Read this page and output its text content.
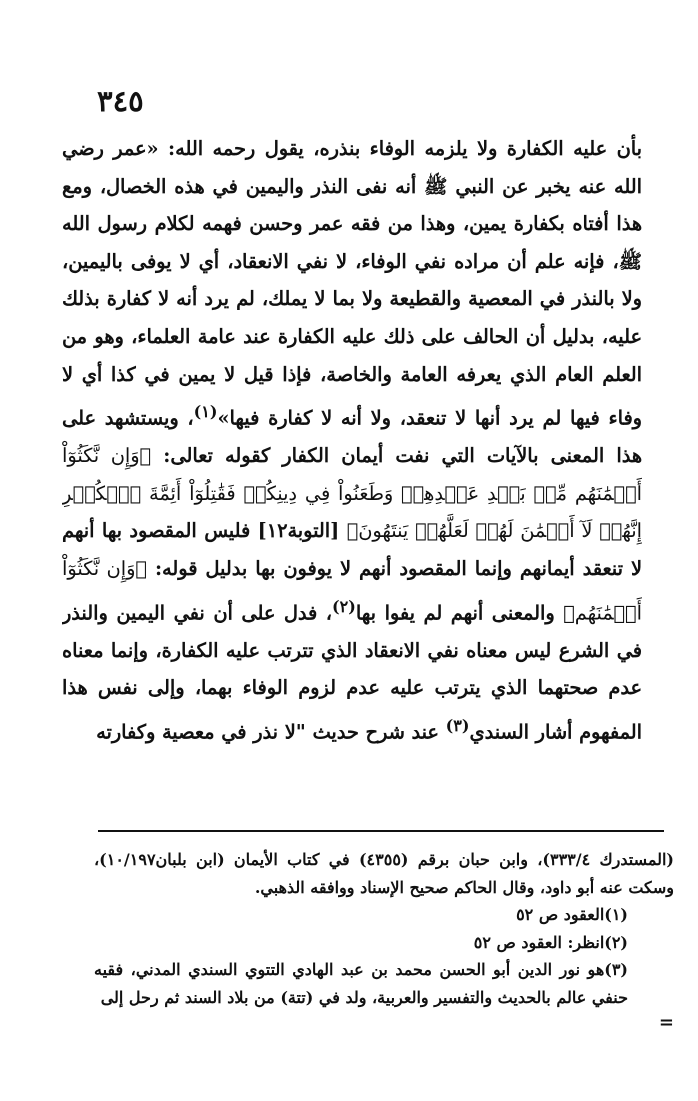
٣٤٥

بأن عليه الكفارة ولا يلزمه الوفاء بنذره، يقول رحمه الله: «عمر رضي الله عنه يخبر عن النبي ﷺ أنه نفى النذر واليمين في هذه الخصال، ومع هذا أفتاه بكفارة يمين، وهذا من فقه عمر وحسن فهمه لكلام رسول الله ﷺ، فإنه علم أن مراده نفي الوفاء، لا نفي الانعقاد، أي لا يوفى باليمين، ولا بالنذر في المعصية والقطيعة ولا بما لا يملك، لم يرد أنه لا كفارة بذلك عليه، بدليل أن الحالف على ذلك عليه الكفارة عند عامة العلماء، وهو من العلم العام الذي يعرفه العامة والخاصة، فإذا قيل لا يمين في كذا أي لا وفاء فيها لم يرد أنها لا تنعقد، ولا أنه لا كفارة فيها»$^{(١)}$، ويستشهد على هذا المعنى بالآيات التي نفت أيمان الكفار كقوله تعالى: ﴿وَإِن نَّكَثُوٓاْ أَيۡمَٰنَهُم مِّنۢ بَعۡدِ عَهۡدِهِمۡ وَطَعَنُواْ فِي دِينِكُمۡ فَقَٰتِلُوٓاْ أَئِمَّةَ ٱلۡكُفۡرِ إِنَّهُمۡ لَآ أَيۡمَٰنَ لَهُمۡ لَعَلَّهُمۡ يَنتَهُونَ﴾ [التوبة١٢] فليس المقصود بها أنهم لا تنعقد أيمانهم وإنما المقصود أنهم لا يوفون بها بدليل قوله: ﴿وَإِن نَّكَثُوٓاْ أَيۡمَٰنَهُم﴾ والمعنى أنهم لم يفوا بها$^{(٢)}$، فدل على أن نفي اليمين والنذر في الشرع ليس معناه نفي الانعقاد الذي تترتب عليه الكفارة، وإنما معناه عدم صحتهما الذي يترتب عليه عدم لزوم الوفاء بهما، وإلى نفس هذا المفهوم أشار السندي$^{(٣)}$ عند شرح حديث "لا نذر في معصية وكفارته

(المستدرك ٣٣٣/٤)، وابن حبان برقم (٤٣٥٥) في كتاب الأيمان (ابن بلبان١٠/١٩٧)، وسكت عنه أبو داود، وقال الحاكم صحيح الإسناد ووافقه الذهبي.

(١)العقود ص ٥٢

(٢)انظر: العقود ص ٥٢

(٣)هو نور الدين أبو الحسن محمد بن عبد الهادي التتوي السندي المدني، فقيه حنفي عالم بالحديث والتفسير والعربية، ولد في (تتة) من بلاد السند ثم رحل إلى

=
